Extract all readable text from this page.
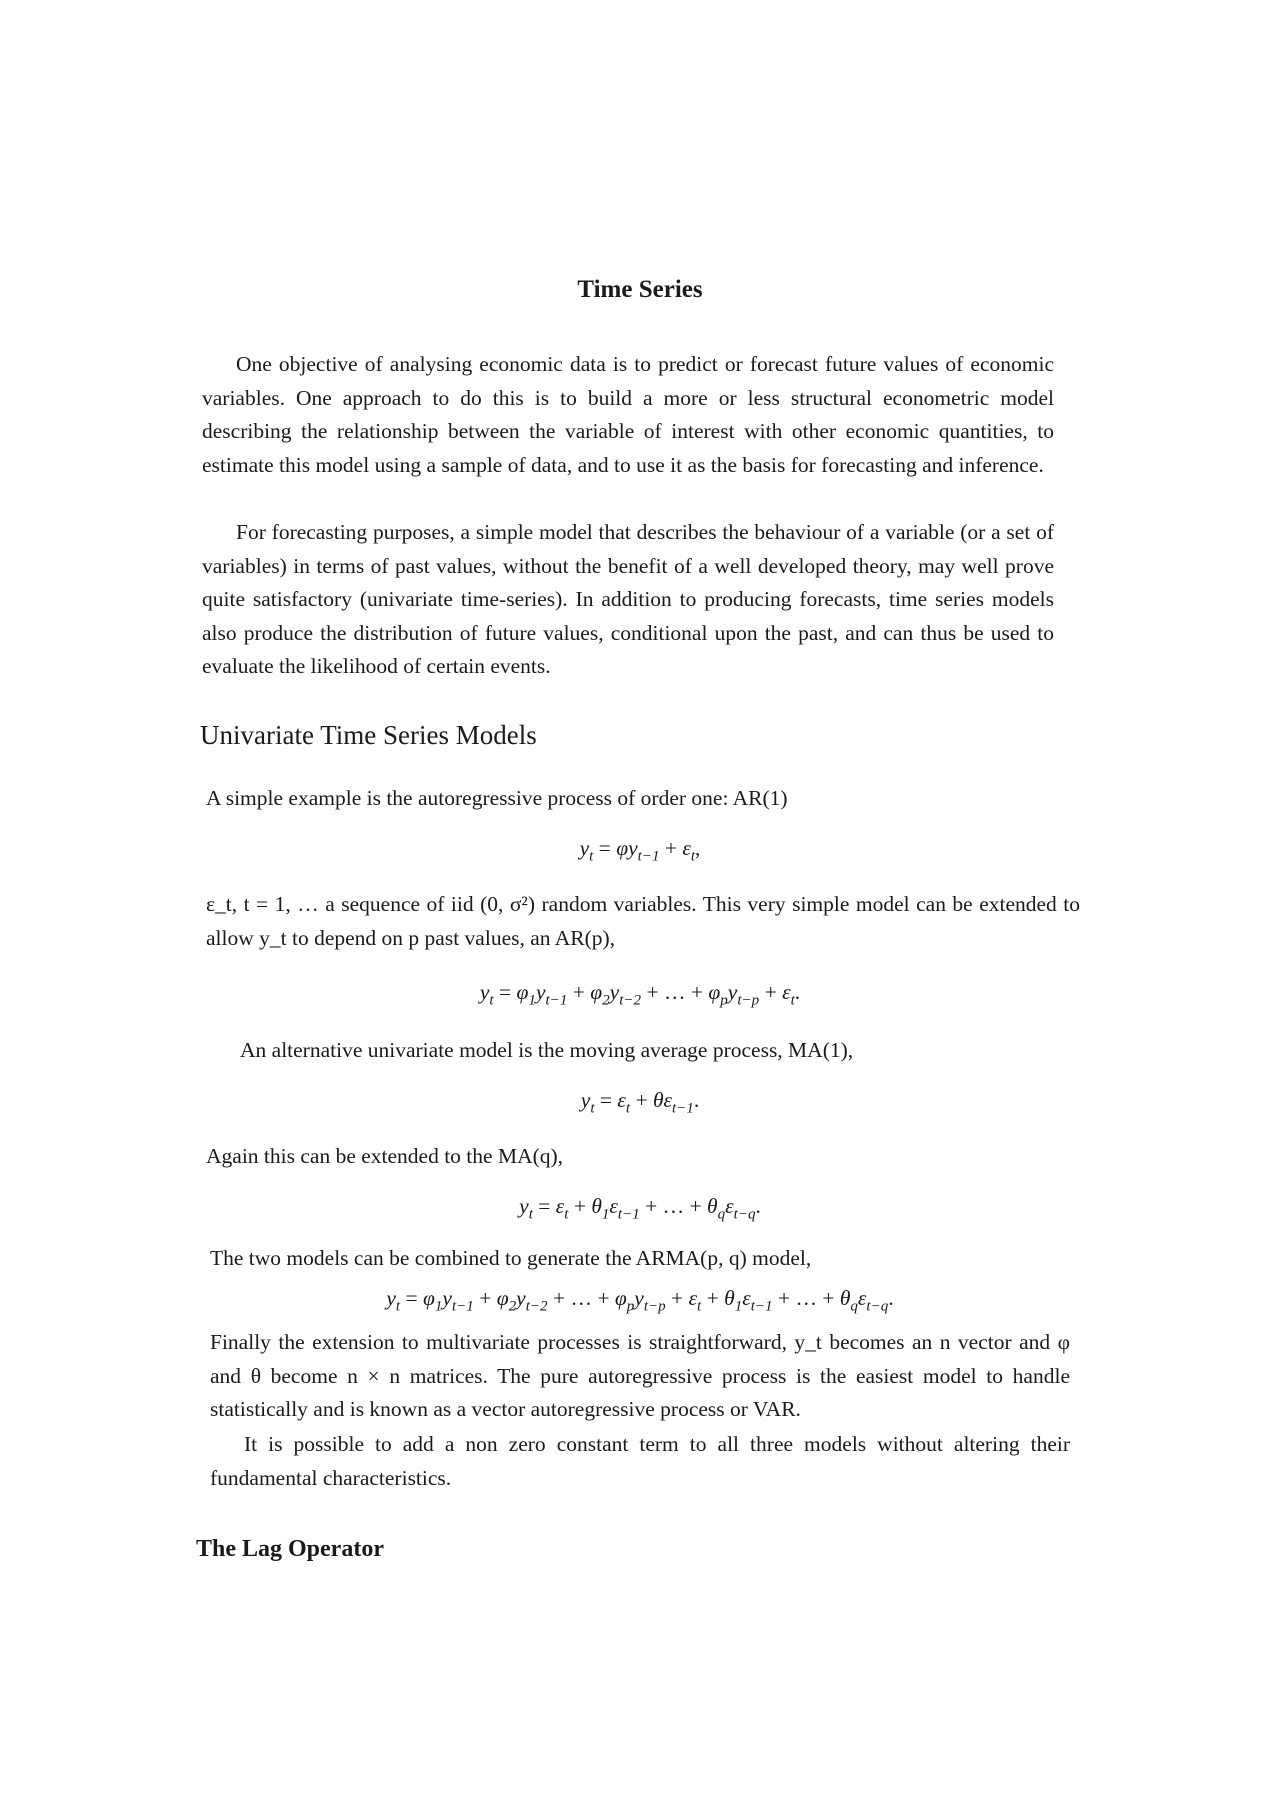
Time Series

One objective of analysing economic data is to predict or forecast future values of economic variables. One approach to do this is to build a more or less structural econometric model describing the relationship between the variable of interest with other economic quantities, to estimate this model using a sample of data, and to use it as the basis for forecasting and inference.

For forecasting purposes, a simple model that describes the behaviour of a variable (or a set of variables) in terms of past values, without the benefit of a well developed theory, may well prove quite satisfactory (univariate time-series). In addition to producing forecasts, time series models also produce the distribution of future values, conditional upon the past, and can thus be used to evaluate the likelihood of certain events.

Univariate Time Series Models

A simple example is the autoregressive process of order one: AR(1)

$y_t = \varphi y_{t-1} + \varepsilon_t$,

ε_t, t = 1, … a sequence of iid (0, σ²) random variables. This very simple model can be extended to allow y_t to depend on p past values, an AR(p),

$y_t = \varphi_1y_{t-1} + \varphi_2y_{t-2}$ + … + $\varphi_py_{t-p} + \varepsilon_t$.

An alternative univariate model is the moving average process, MA(1),

$y_t = \varepsilon_t + \theta\varepsilon_{t-1}$.

Again this can be extended to the MA(q),

$y_t = \varepsilon_t + \theta_1\varepsilon_{t-1}$ + … + $\theta_q\varepsilon_{t-q}$.

The two models can be combined to generate the ARMA(p, q) model,

$y_t = \varphi_1y_{t-1} + \varphi_2y_{t-2}$ + … + $\varphi_py_{t-p} + \varepsilon_t + \theta_1\varepsilon_{t-1}$ + … + $\theta_q\varepsilon_{t-q}$.

Finally the extension to multivariate processes is straightforward, y_t becomes an n vector and φ and θ become n × n matrices. The pure autoregressive process is the easiest model to handle statistically and is known as a vector autoregressive process or VAR.

It is possible to add a non zero constant term to all three models without altering their fundamental characteristics.

The Lag Operator
